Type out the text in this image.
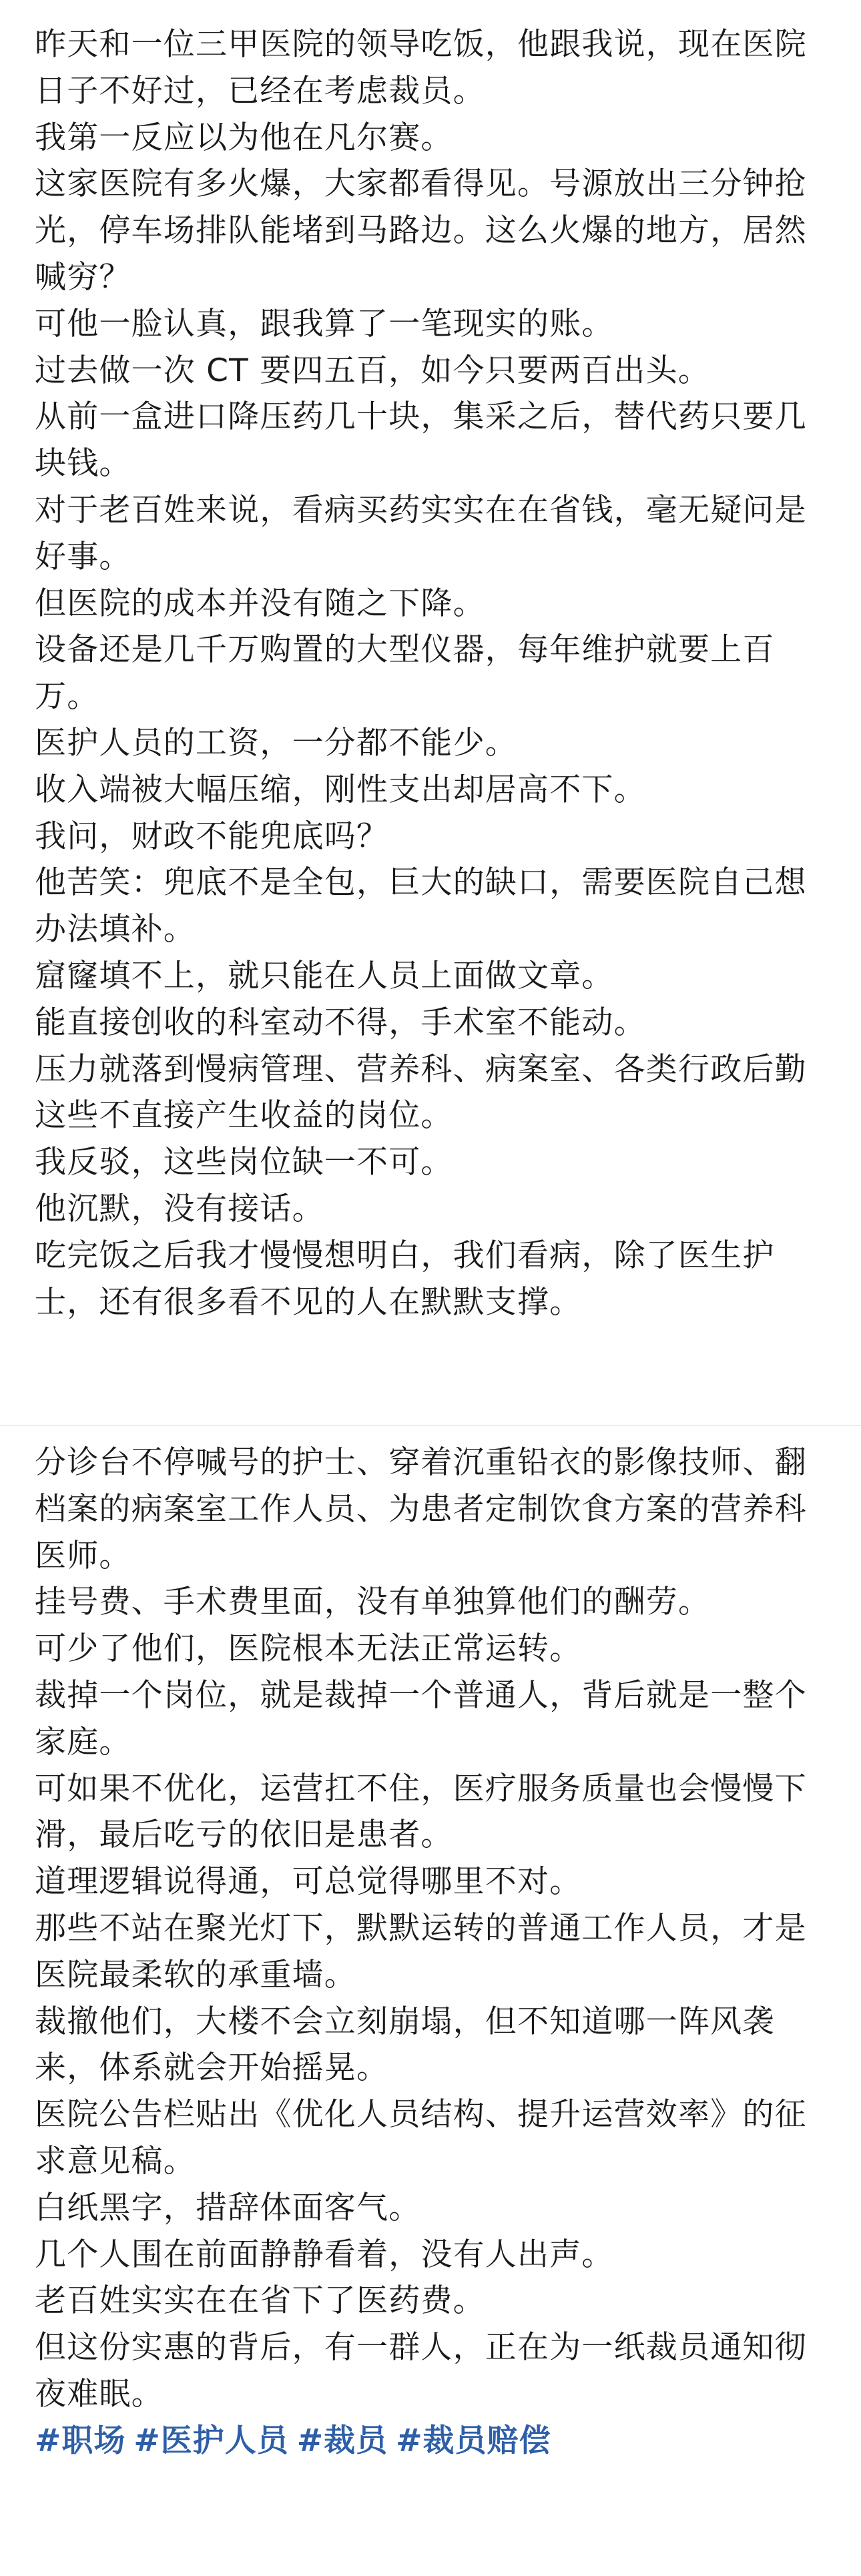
昨天和一位三甲医院的领导吃饭，他跟我说，现在医院日子不好过，已经在考虑裁员。

我第一反应以为他在凡尔赛。

这家医院有多火爆，大家都看得见。号源放出三分钟抢光，停车场排队能堵到马路边。这么火爆的地方，居然喊穷？

可他一脸认真，跟我算了一笔现实的账。

过去做一次 CT 要四五百，如今只要两百出头。

从前一盒进口降压药几十块，集采之后，替代药只要几块钱。

对于老百姓来说，看病买药实实在在省钱，毫无疑问是好事。

但医院的成本并没有随之下降。

设备还是几千万购置的大型仪器，每年维护就要上百万。

医护人员的工资，一分都不能少。

收入端被大幅压缩，刚性支出却居高不下。

我问，财政不能兜底吗？

他苦笑：兜底不是全包，巨大的缺口，需要医院自己想办法填补。

窟窿填不上，就只能在人员上面做文章。

能直接创收的科室动不得，手术室不能动。

压力就落到慢病管理、营养科、病案室、各类行政后勤这些不直接产生收益的岗位。

我反驳，这些岗位缺一不可。

他沉默，没有接话。

吃完饭之后我才慢慢想明白，我们看病，除了医生护士，还有很多看不见的人在默默支撑。

分诊台不停喊号的护士、穿着沉重铅衣的影像技师、翻档案的病案室工作人员、为患者定制饮食方案的营养科医师。

挂号费、手术费里面，没有单独算他们的酬劳。

可少了他们，医院根本无法正常运转。

裁掉一个岗位，就是裁掉一个普通人，背后就是一整个家庭。

可如果不优化，运营扛不住，医疗服务质量也会慢慢下滑，最后吃亏的依旧是患者。

道理逻辑说得通，可总觉得哪里不对。

那些不站在聚光灯下，默默运转的普通工作人员，才是医院最柔软的承重墙。

裁撤他们，大楼不会立刻崩塌，但不知道哪一阵风袭来，体系就会开始摇晃。

医院公告栏贴出《优化人员结构、提升运营效率》的征求意见稿。

白纸黑字，措辞体面客气。

几个人围在前面静静看着，没有人出声。

老百姓实实在在省下了医药费。

但这份实惠的背后，有一群人，正在为一纸裁员通知彻夜难眠。

#职场 #医护人员 #裁员 #裁员赔偿
